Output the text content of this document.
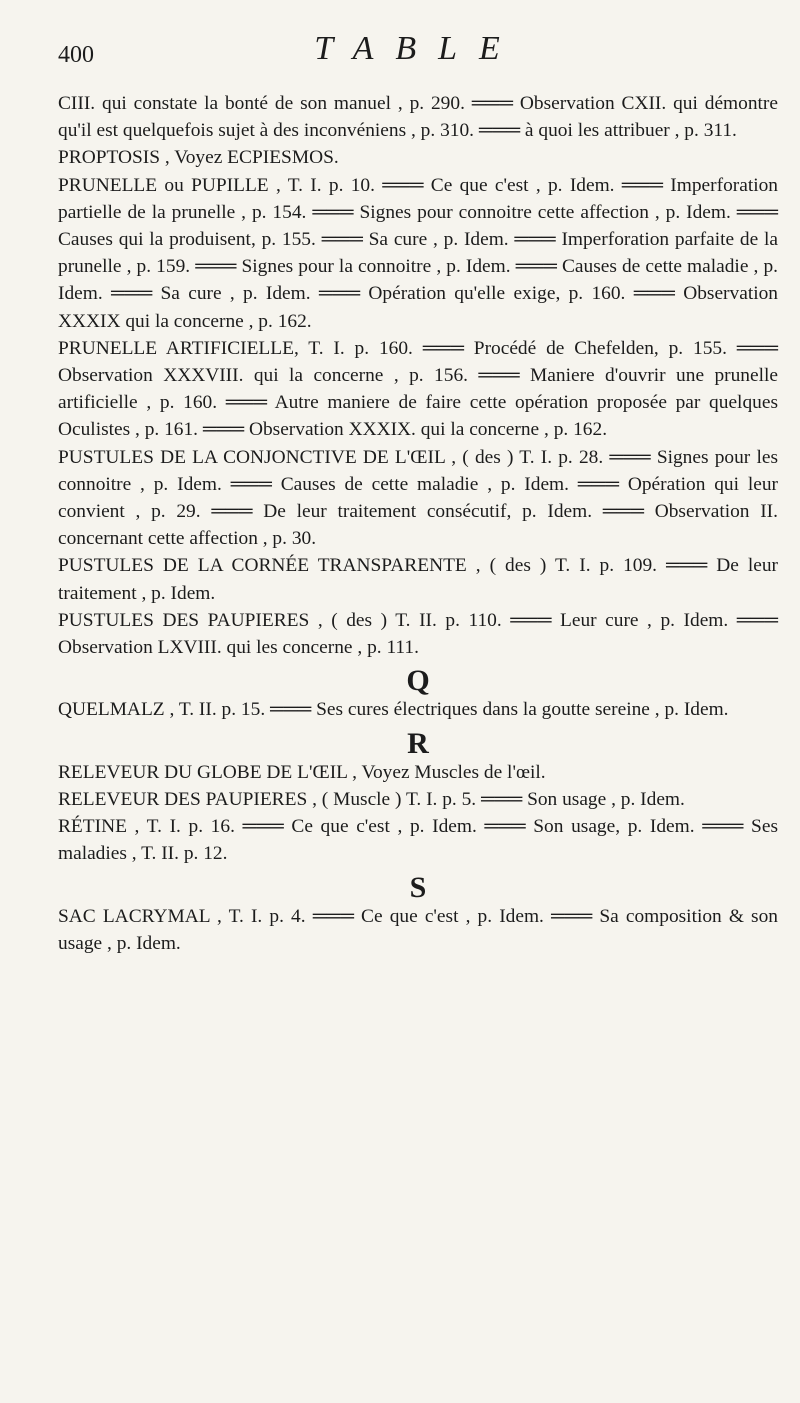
400	TABLE

CIII. qui constate la bonté de son manuel , p. 290. ═══ Observation CXII. qui démontre qu'il est quelquefois sujet à des inconvéniens , p. 310. ═══ à quoi les attribuer , p. 311.

PROPTOSIS , Voyez ECPIESMOS.

PRUNELLE ou PUPILLE , T. I. p. 10. ═══ Ce que c'est , p. Idem. ═══ Imperforation partielle de la prunelle , p. 154. ═══ Signes pour connoitre cette affection , p. Idem. ═══ Causes qui la produisent, p. 155. ═══ Sa cure , p. Idem. ═══ Imperforation parfaite de la prunelle , p. 159. ═══ Signes pour la connoitre , p. Idem. ═══ Causes de cette maladie , p. Idem. ═══ Sa cure , p. Idem. ═══ Opération qu'elle exige, p. 160. ═══ Observation XXXIX qui la concerne , p. 162.

PRUNELLE ARTIFICIELLE, T. I. p. 160. ═══ Procédé de Chefelden, p. 155. ═══ Observation XXXVIII. qui la concerne , p. 156. ═══ Maniere d'ouvrir une prunelle artificielle , p. 160. ═══ Autre maniere de faire cette opération proposée par quelques Oculistes , p. 161. ═══ Observation XXXIX. qui la concerne , p. 162.

PUSTULES DE LA CONJONCTIVE DE L'ŒIL , ( des ) T. I. p. 28. ═══ Signes pour les connoitre , p. Idem. ═══ Causes de cette maladie , p. Idem. ═══ Opération qui leur convient , p. 29. ═══ De leur traitement consécutif, p. Idem. ═══ Observation II. concernant cette affection , p. 30.

PUSTULES DE LA CORNÉE TRANSPARENTE , ( des ) T. I. p. 109. ═══ De leur traitement , p. Idem.

PUSTULES DES PAUPIERES , ( des ) T. II. p. 110. ═══ Leur cure , p. Idem. ═══ Observation LXVIII. qui les concerne , p. 111.

Q

QUELMALZ , T. II. p. 15. ═══ Ses cures électriques dans la goutte sereine , p. Idem.

R

RELEVEUR DU GLOBE DE L'ŒIL , Voyez Muscles de l'œil.

RELEVEUR DES PAUPIERES , ( Muscle ) T. I. p. 5. ═══ Son usage , p. Idem.

RÉTINE , T. I. p. 16. ═══ Ce que c'est , p. Idem. ═══ Son usage, p. Idem. ═══ Ses maladies , T. II. p. 12.

S

SAC LACRYMAL , T. I. p. 4. ═══ Ce que c'est , p. Idem. ═══ Sa composition & son usage , p. Idem.
